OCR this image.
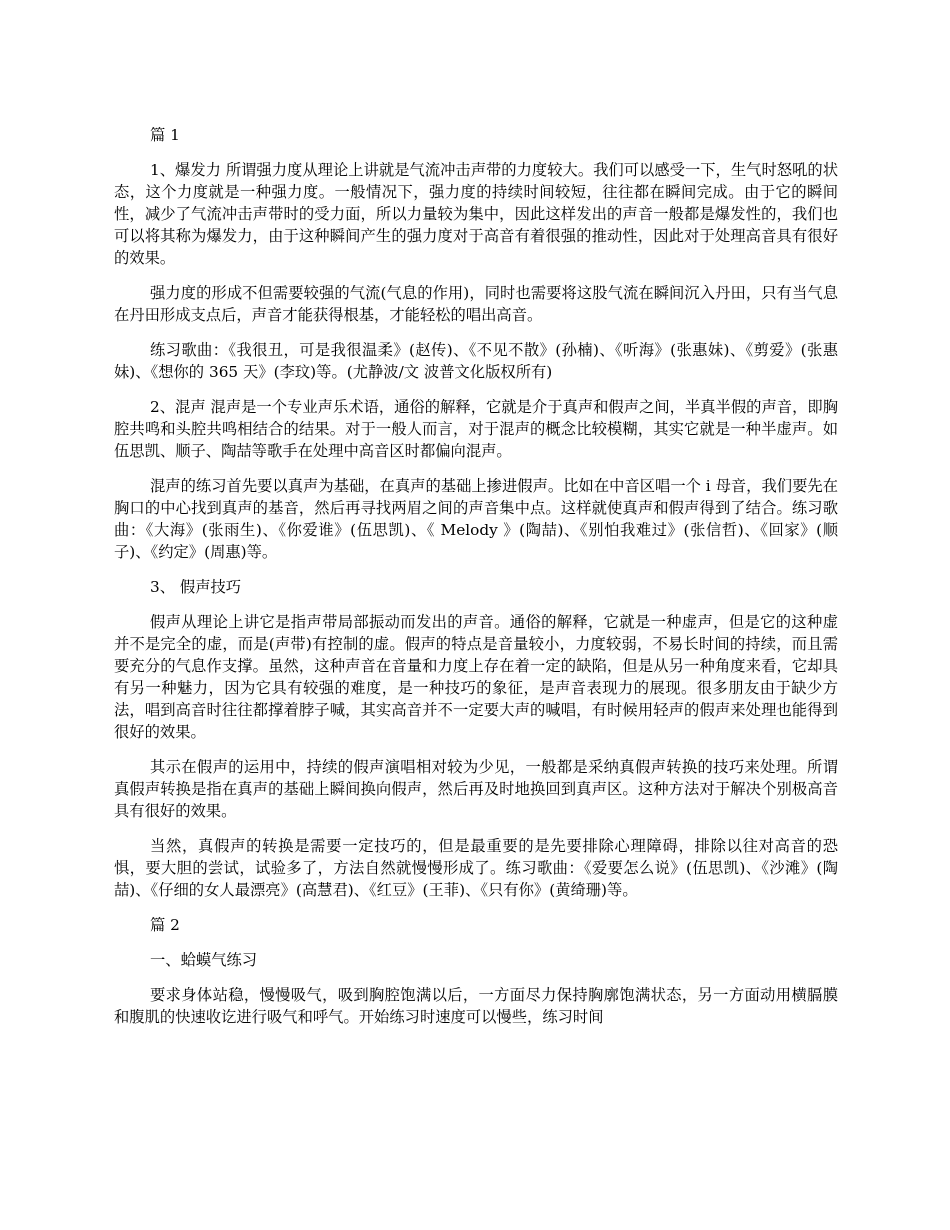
篇 1

1、爆发力 所谓强力度从理论上讲就是气流冲击声带的力度较大。我们可以感受一下，生气时怒吼的状态，这个力度就是一种强力度。一般情况下，强力度的持续时间较短，往往都在瞬间完成。由于它的瞬间性，减少了气流冲击声带时的受力面，所以力量较为集中，因此这样发出的声音一般都是爆发性的，我们也可以将其称为爆发力，由于这种瞬间产生的强力度对于高音有着很强的推动性，因此对于处理高音具有很好的效果。

强力度的形成不但需要较强的气流(气息的作用)，同时也需要将这股气流在瞬间沉入丹田，只有当气息在丹田形成支点后，声音才能获得根基，才能轻松的唱出高音。

练习歌曲：《我很丑，可是我很温柔》(赵传)、《不见不散》(孙楠)、《听海》(张惠妹)、《剪爱》(张惠妹)、《想你的 365 天》(李玟)等。(尤静波/文 波普文化版权所有)

2、混声 混声是一个专业声乐术语，通俗的解释，它就是介于真声和假声之间，半真半假的声音，即胸腔共鸣和头腔共鸣相结合的结果。对于一般人而言，对于混声的概念比较模糊，其实它就是一种半虚声。如伍思凯、顺子、陶喆等歌手在处理中高音区时都偏向混声。

混声的练习首先要以真声为基础，在真声的基础上掺进假声。比如在中音区唱一个 i 母音，我们要先在胸口的中心找到真声的基音，然后再寻找两眉之间的声音集中点。这样就使真声和假声得到了结合。练习歌曲：《大海》(张雨生)、《你爱谁》(伍思凯)、《 Melody 》(陶喆)、《别怕我难过》(张信哲)、《回家》(顺子)、《约定》(周惠)等。

3、 假声技巧

假声从理论上讲它是指声带局部振动而发出的声音。通俗的解释，它就是一种虚声，但是它的这种虚并不是完全的虚，而是(声带)有控制的虚。假声的特点是音量较小，力度较弱，不易长时间的持续，而且需要充分的气息作支撑。虽然，这种声音在音量和力度上存在着一定的缺陷，但是从另一种角度来看，它却具有另一种魅力，因为它具有较强的难度，是一种技巧的象征，是声音表现力的展现。很多朋友由于缺少方法，唱到高音时往往都撑着脖子喊，其实高音并不一定要大声的喊唱，有时候用轻声的假声来处理也能得到很好的效果。

其示在假声的运用中，持续的假声演唱相对较为少见，一般都是采纳真假声转换的技巧来处理。所谓真假声转换是指在真声的基础上瞬间换向假声，然后再及时地换回到真声区。这种方法对于解决个别极高音具有很好的效果。

当然，真假声的转换是需要一定技巧的，但是最重要的是先要排除心理障碍，排除以往对高音的恐惧，要大胆的尝试，试验多了，方法自然就慢慢形成了。练习歌曲：《爱要怎么说》(伍思凯)、《沙滩》(陶喆)、《仔细的女人最漂亮》(高慧君)、《红豆》(王菲)、《只有你》(黄绮珊)等。

篇 2

一、蛤蟆气练习

要求身体站稳，慢慢吸气，吸到胸腔饱满以后，一方面尽力保持胸廓饱满状态，另一方面动用横膈膜和腹肌的快速收讫进行吸气和呼气。开始练习时速度可以慢些，练习时间
